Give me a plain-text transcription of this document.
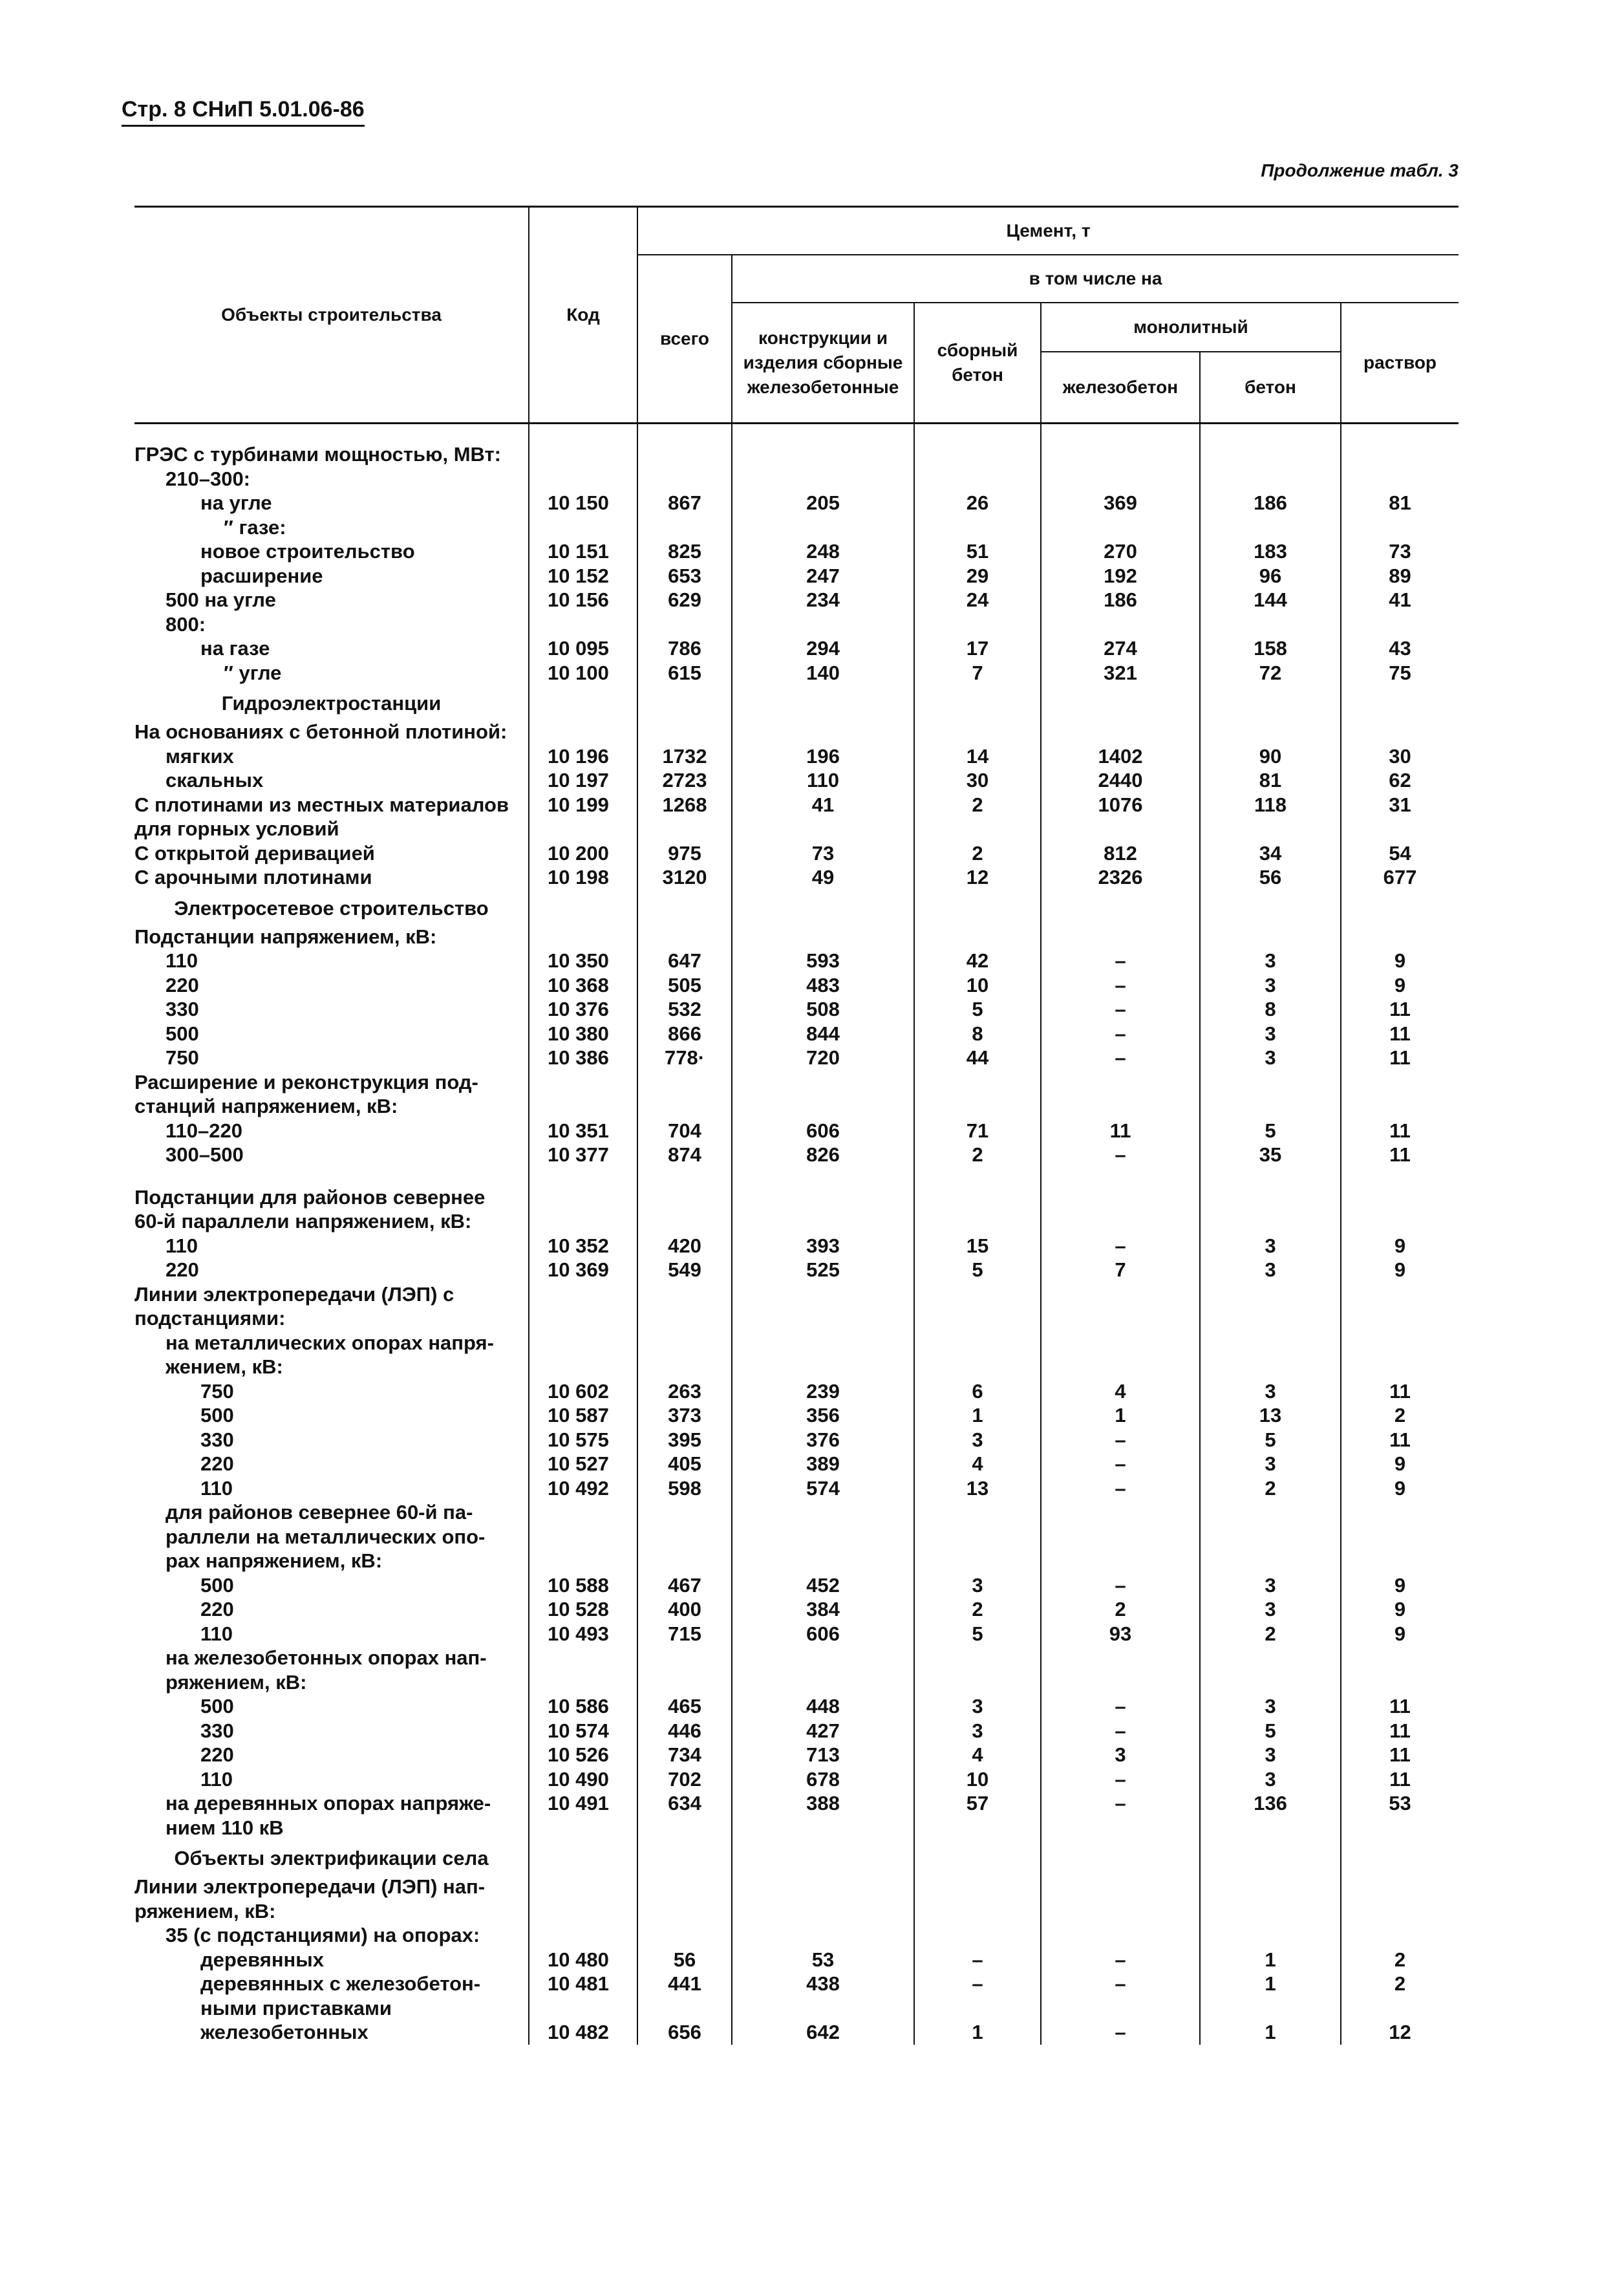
Стр. 8 СНиП 5.01.06-86
Продолжение табл. 3
Объекты строительства	Код	Цемент, т					
		всего	в том числе на				
			конструкции и изделия сборные железобетонные	сборный бетон	монолитный		раствор
					железобетон	бетон	

ГРЭС с турбинами мощностью, МВт:							
210–300:							
на угле	10 150	867	205	26	369	186	81
″ газе:							
новое строительство	10 151	825	248	51	270	183	73
расширение	10 152	653	247	29	192	96	89
500 на угле	10 156	629	234	24	186	144	41
800:							
на газе	10 095	786	294	17	274	158	43
″ угле	10 100	615	140	7	321	72	75
Гидроэлектростанции							
На основаниях с бетонной плотиной:							
мягких	10 196	1732	196	14	1402	90	30
скальных	10 197	2723	110	30	2440	81	62
С плотинами из местных материалов	10 199	1268	41	2	1076	118	31
для горных условий							
С открытой деривацией	10 200	975	73	2	812	34	54
С арочными плотинами	10 198	3120	49	12	2326	56	677
Электросетевое строительство							
Подстанции напряжением, кВ:							
110	10 350	647	593	42	–	3	9
220	10 368	505	483	10	–	3	9
330	10 376	532	508	5	–	8	11
500	10 380	866	844	8	–	3	11
750	10 386	778·	720	44	–	3	11
Расширение и реконструкция под-							
станций напряжением, кВ:							
110–220	10 351	704	606	71	11	5	11
300–500	10 377	874	826	2	–	35	11

Подстанции для районов севернее							
60-й параллели напряжением, кВ:							
110	10 352	420	393	15	–	3	9
220	10 369	549	525	5	7	3	9
Линии электропередачи (ЛЭП) с							
подстанциями:							
на металлических опорах напря-							
жением, кВ:							
750	10 602	263	239	6	4	3	11
500	10 587	373	356	1	1	13	2
330	10 575	395	376	3	–	5	11
220	10 527	405	389	4	–	3	9
110	10 492	598	574	13	–	2	9
для районов севернее 60-й па-							
раллели на металлических опо-							
рах напряжением, кВ:							
500	10 588	467	452	3	–	3	9
220	10 528	400	384	2	2	3	9
110	10 493	715	606	5	93	2	9
на железобетонных опорах нап-							
ряжением, кВ:							
500	10 586	465	448	3	–	3	11
330	10 574	446	427	3	–	5	11
220	10 526	734	713	4	3	3	11
110	10 490	702	678	10	–	3	11
на деревянных опорах напряже-	10 491	634	388	57	–	136	53
нием 110 кВ							
Объекты электрификации села							
Линии электропередачи (ЛЭП) нап-							
ряжением, кВ:							
35 (с подстанциями) на опорах:							
деревянных	10 480	56	53	–	–	1	2
деревянных с железобетон-	10 481	441	438	–	–	1	2
ными приставками							
железобетонных	10 482	656	642	1	–	1	12
